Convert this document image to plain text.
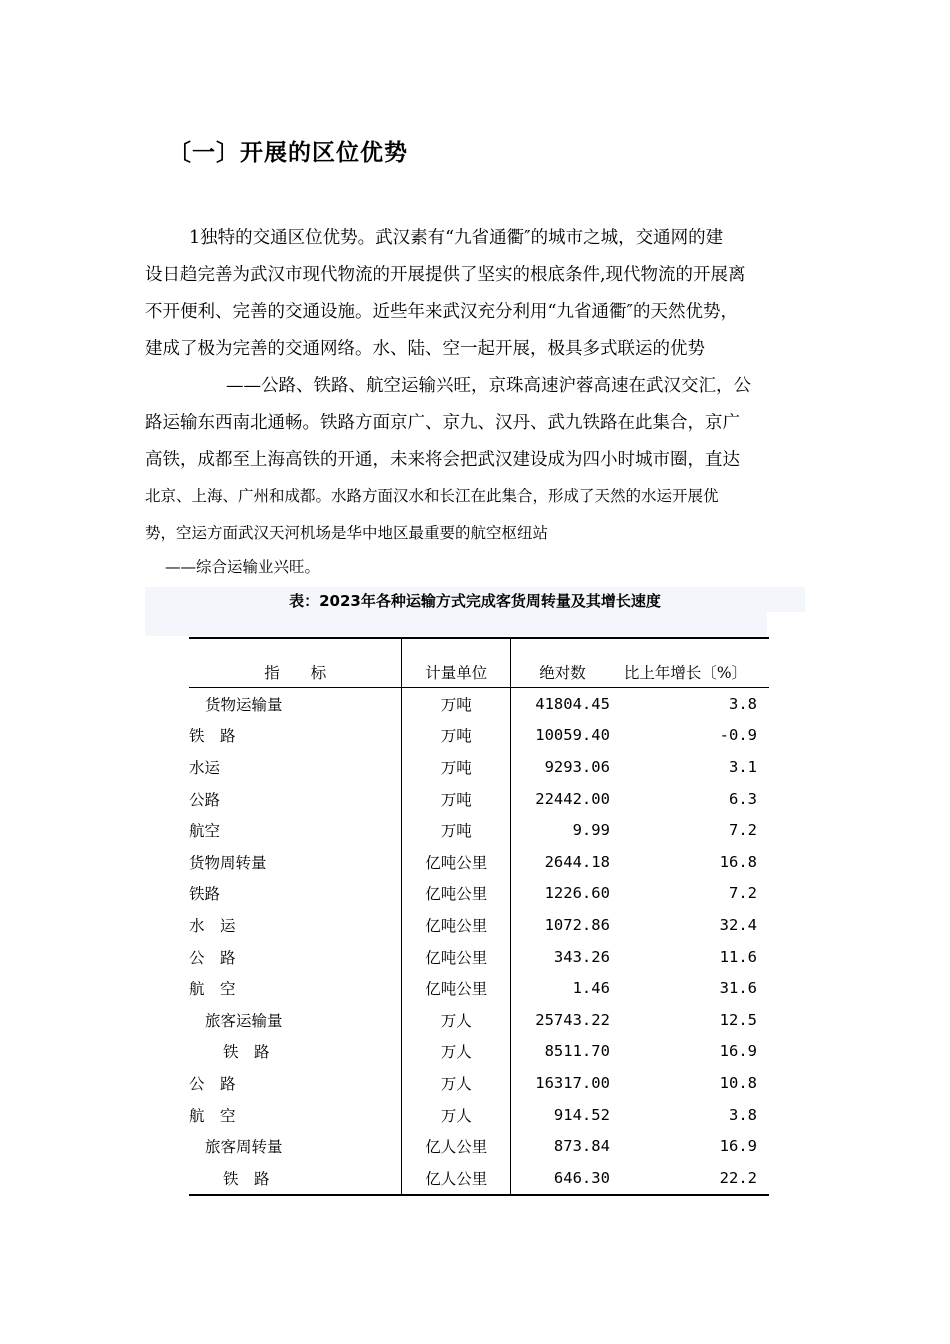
〔一〕开展的区位优势
1独特的交通区位优势。武汉素有“九省通衢″的城市之城，交通网的建
设日趋完善为武汉市现代物流的开展提供了坚实的根底条件,现代物流的开展离
不开便利、完善的交通设施。近些年来武汉充分利用“九省通衢″的天然优势，
建成了极为完善的交通网络。水、陆、空一起开展，极具多式联运的优势
——公路、铁路、航空运输兴旺，京珠高速沪蓉高速在武汉交汇，公
路运输东西南北通畅。铁路方面京广、京九、汉丹、武九铁路在此集合，京广
高铁，成都至上海高铁的开通，未来将会把武汉建设成为四小时城市圈，直达
北京、上海、广州和成都。水路方面汉水和长江在此集合，形成了天然的水运开展优
势，空运方面武汉天河机场是华中地区最重要的航空枢纽站
——综合运输业兴旺。
表：2023年各种运输方式完成客货周转量及其增长速度
指　　标	计量单位	绝对数	比上年增长〔%〕
货物运输量	万吨	41804.45	3.8
铁　路	万吨	10059.40	-0.9
水运	万吨	9293.06	3.1
公路	万吨	22442.00	6.3
航空	万吨	9.99	7.2
货物周转量	亿吨公里	2644.18	16.8
铁路	亿吨公里	1226.60	7.2
水　运	亿吨公里	1072.86	32.4
公　路	亿吨公里	343.26	11.6
航　空	亿吨公里	1.46	31.6
旅客运输量	万人	25743.22	12.5
铁　路	万人	8511.70	16.9
公　路	万人	16317.00	10.8
航　空	万人	914.52	3.8
旅客周转量	亿人公里	873.84	16.9
铁　路	亿人公里	646.30	22.2
